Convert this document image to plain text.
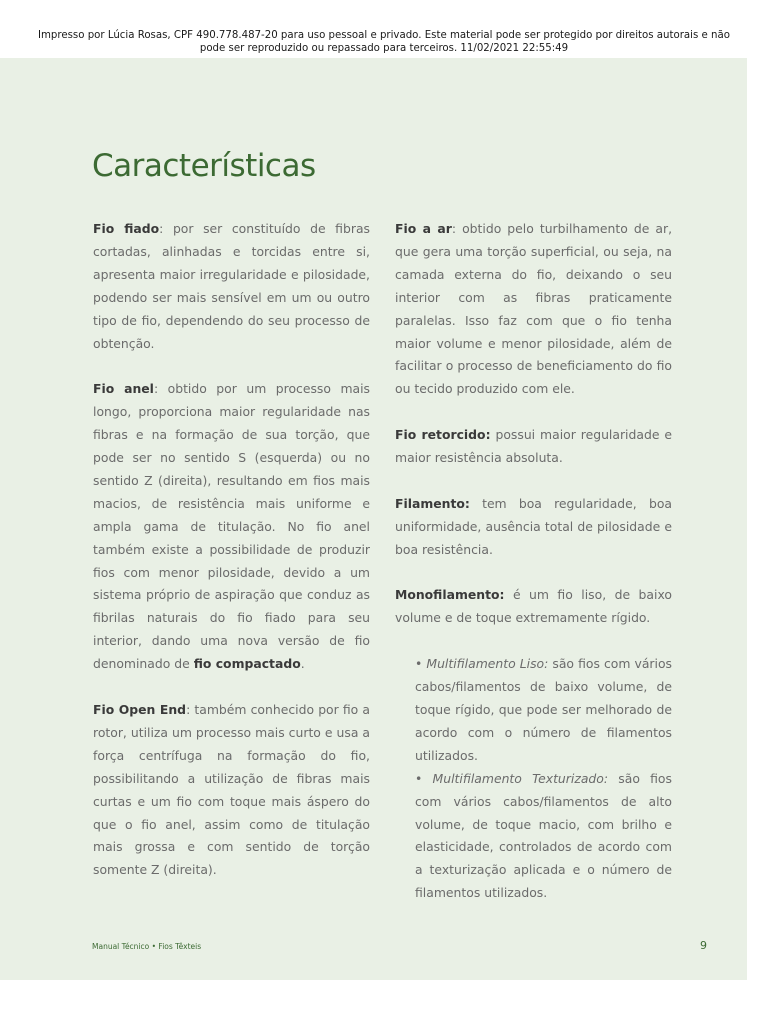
Impresso por Lúcia Rosas, CPF 490.778.487-20 para uso pessoal e privado. Este material pode ser protegido por direitos autorais e não
pode ser reproduzido ou repassado para terceiros. 11/02/2021 22:55:49
Características

Fio fiado: por ser constituído de fibras cortadas, alinhadas e torcidas entre si, apresenta maior irregularidade e pilosidade, podendo ser mais sensível em um ou outro tipo de fio, dependendo do seu processo de obtenção.

Fio anel: obtido por um processo mais longo, proporciona maior regularidade nas fibras e na formação de sua torção, que pode ser no sentido S (esquerda) ou no sentido Z (direita), resultando em fios mais macios, de resistência mais uniforme e ampla gama de titulação. No fio anel também existe a possibilidade de produzir fios com menor pilosidade, devido a um sistema próprio de aspiração que conduz as fibrilas naturais do fio fiado para seu interior, dando uma nova versão de fio denominado de fio compactado.

Fio Open End: também conhecido por fio a rotor, utiliza um processo mais curto e usa a força centrífuga na formação do fio, possibilitando a utilização de fibras mais curtas e um fio com toque mais áspero do que o fio anel, assim como de titulação mais grossa e com sentido de torção somente Z (direita).

Fio a ar: obtido pelo turbilhamento de ar, que gera uma torção superficial, ou seja, na camada externa do fio, deixando o seu interior com as fibras praticamente paralelas. Isso faz com que o fio tenha maior volume e menor pilosidade, além de facilitar o processo de beneficiamento do fio ou tecido produzido com ele.

Fio retorcido: possui maior regularidade e maior resistência absoluta.

Filamento: tem boa regularidade, boa uniformidade, ausência total de pilosidade e boa resistência.

Monofilamento: é um fio liso, de baixo volume e de toque extremamente rígido.

• Multifilamento Liso: são fios com vários cabos/filamentos de baixo volume, de toque rígido, que pode ser melhorado de acordo com o número de filamentos utilizados.

• Multifilamento Texturizado: são fios com vários cabos/filamentos de alto volume, de toque macio, com brilho e elasticidade, controlados de acordo com a texturização aplicada e o número de filamentos utilizados.

Manual Técnico • Fios Têxteis	9
